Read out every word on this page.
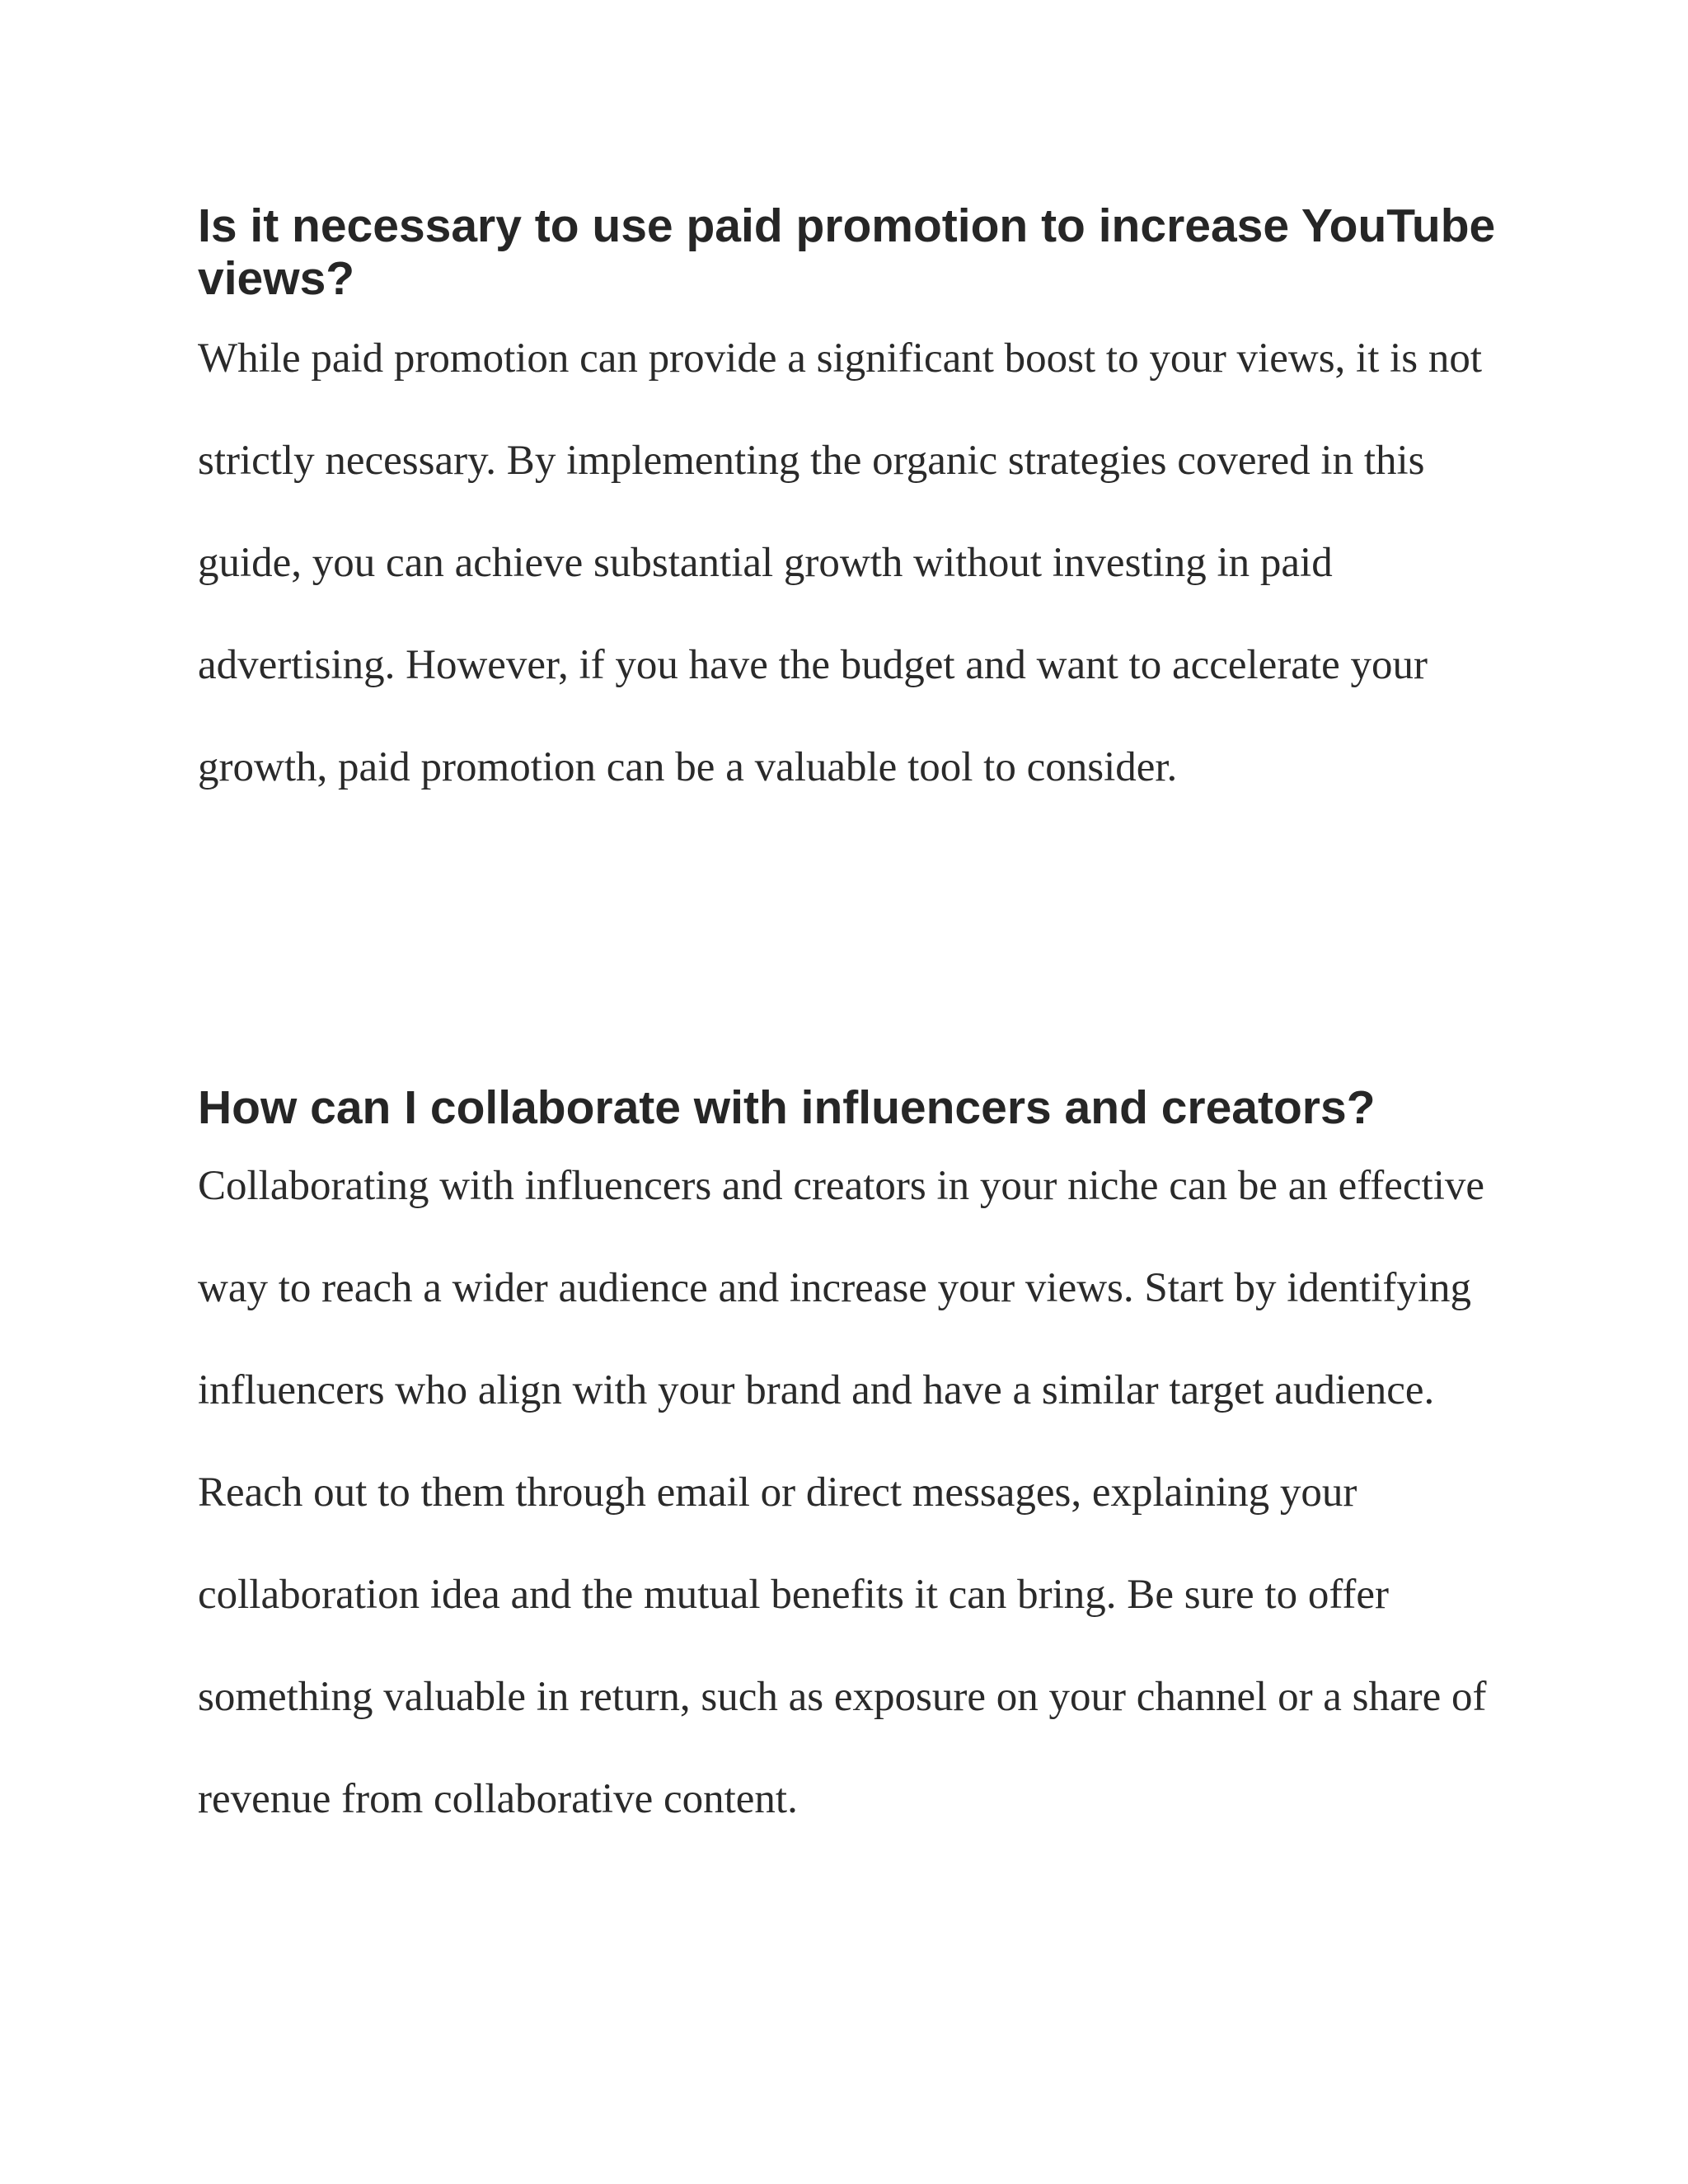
Is it necessary to use paid promotion to increase YouTube views?

While paid promotion can provide a significant boost to your views, it is not strictly necessary. By implementing the organic strategies covered in this guide, you can achieve substantial growth without investing in paid advertising. However, if you have the budget and want to accelerate your growth, paid promotion can be a valuable tool to consider.

How can I collaborate with influencers and creators?

Collaborating with influencers and creators in your niche can be an effective way to reach a wider audience and increase your views. Start by identifying influencers who align with your brand and have a similar target audience. Reach out to them through email or direct messages, explaining your collaboration idea and the mutual benefits it can bring. Be sure to offer something valuable in return, such as exposure on your channel or a share of revenue from collaborative content.
